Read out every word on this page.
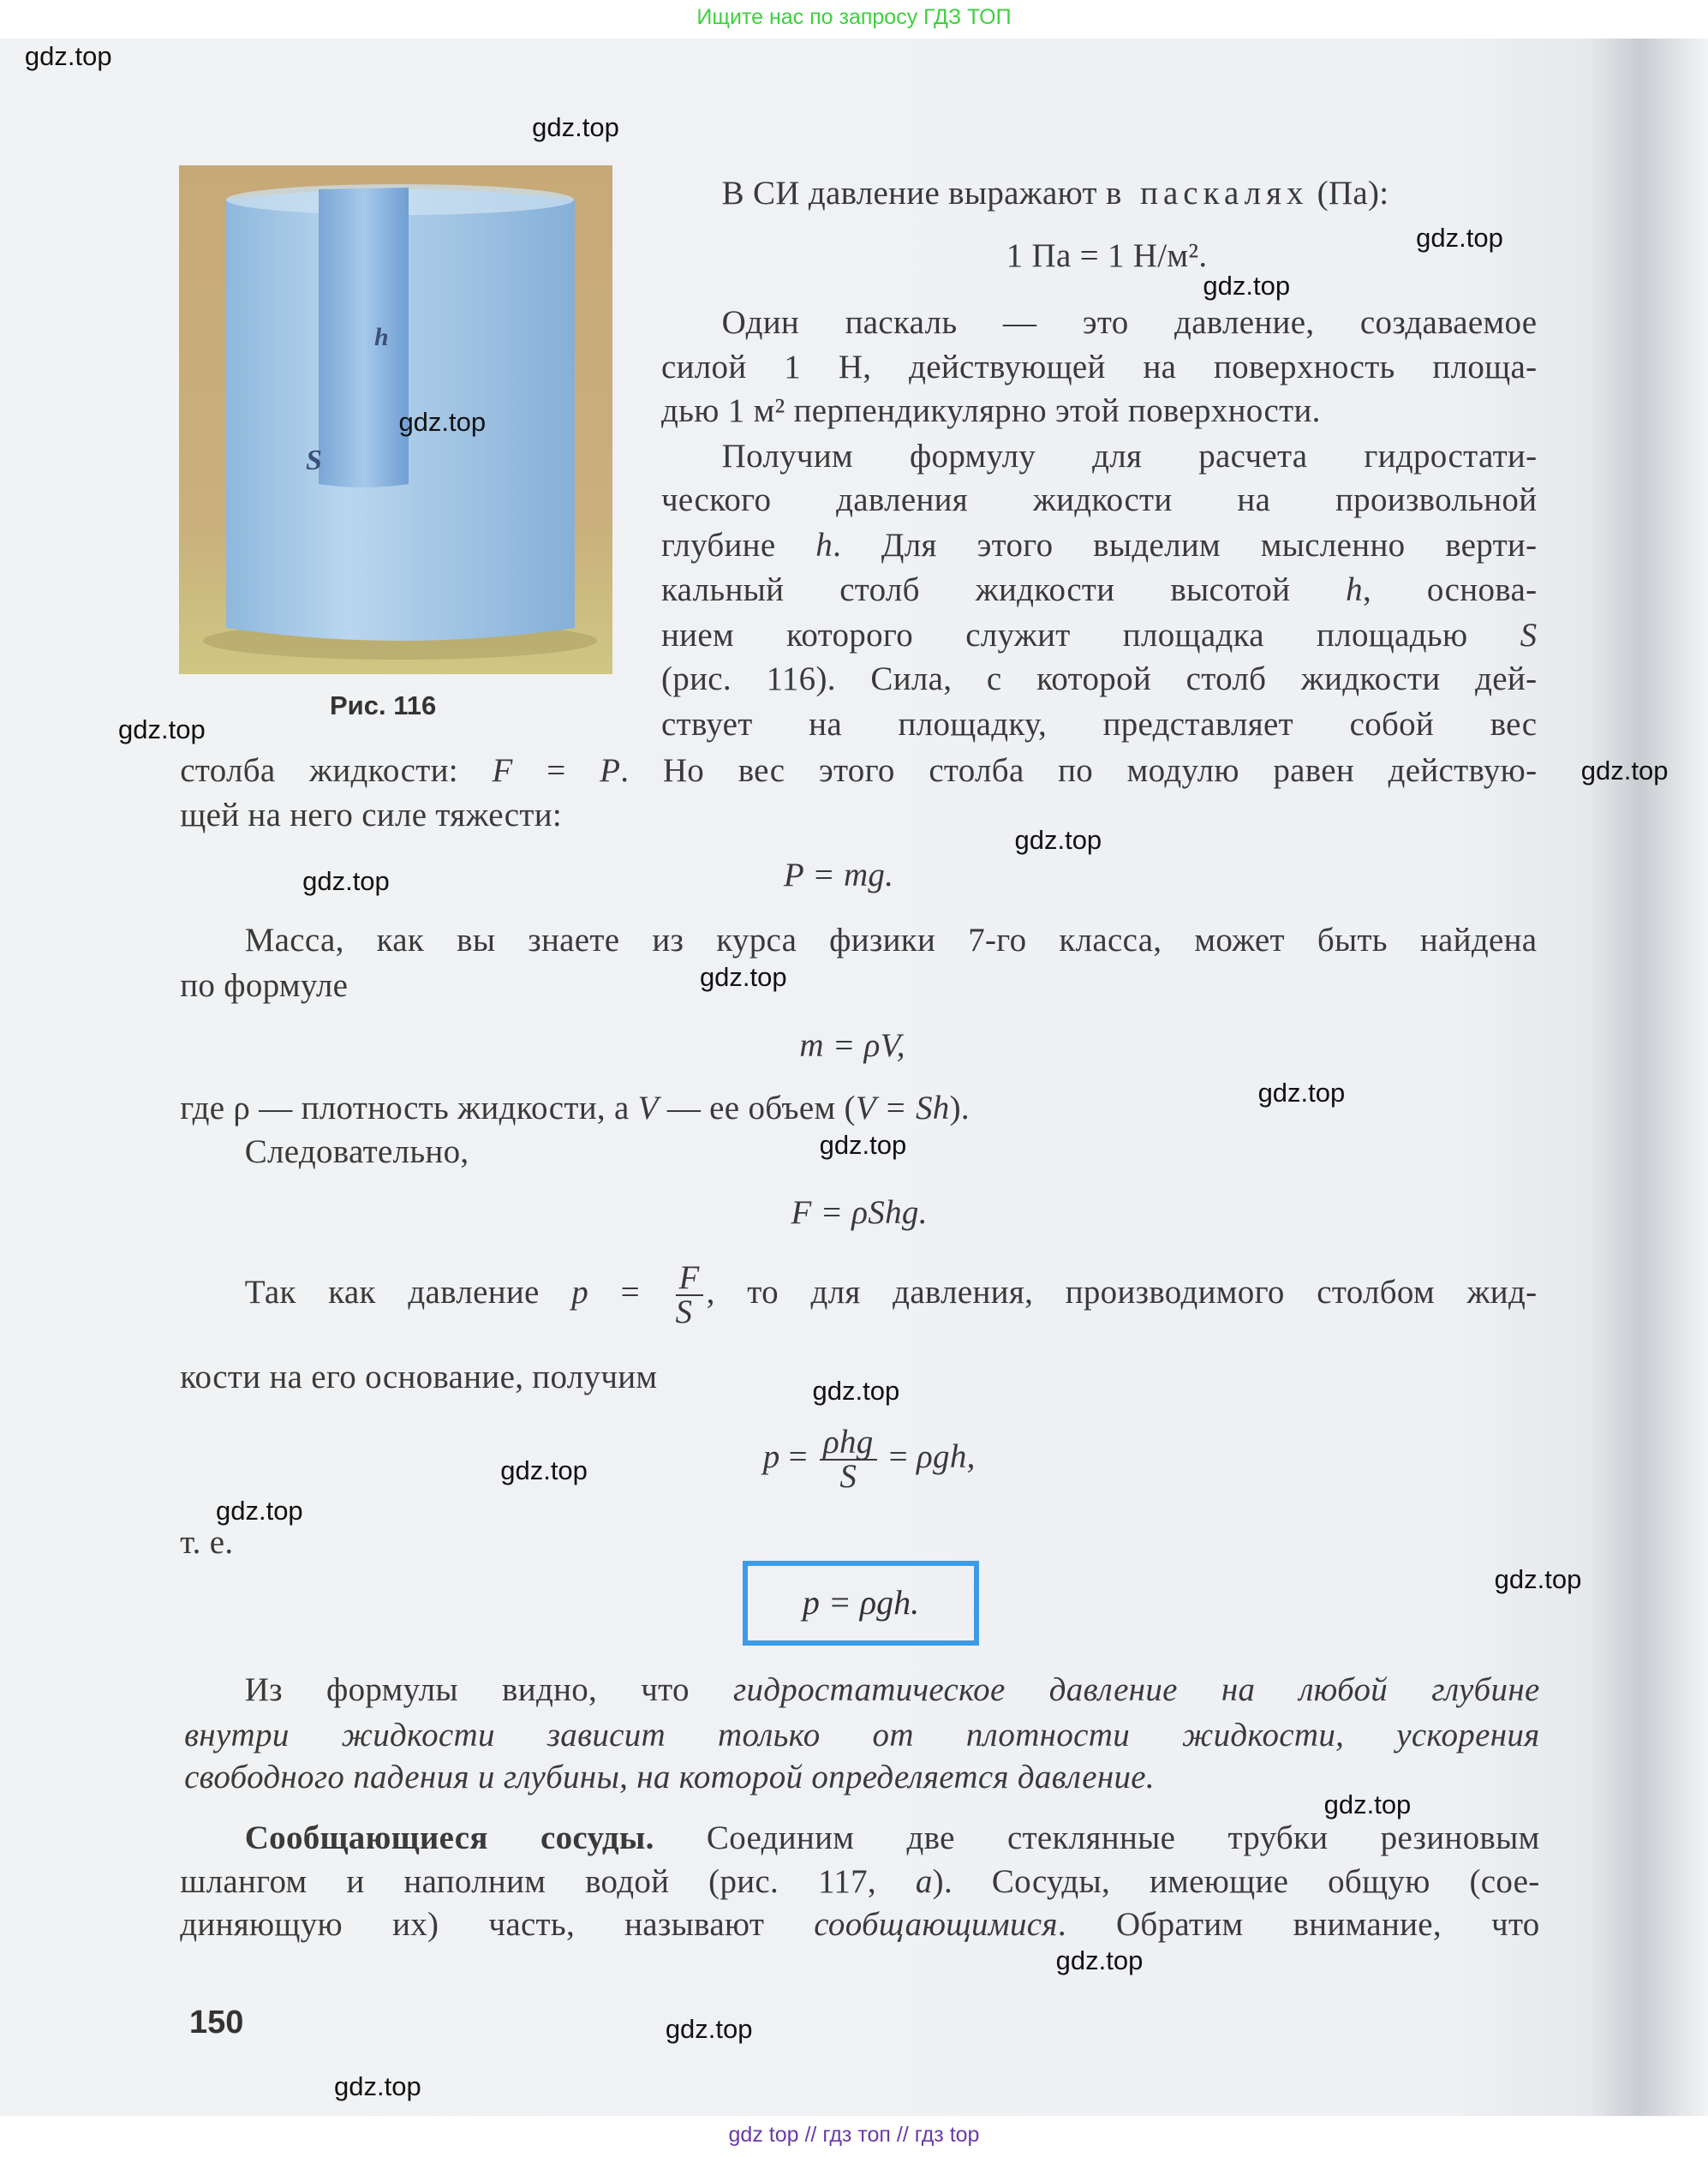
Ищите нас по запросу ГДЗ ТОП
h
S
Рис. 116
В СИ давление выражают в паскалях (Па):
1 Па = 1 Н/м².
Один паскаль — это давление, создаваемое
силой 1 Н, действующей на поверхность площа-
дью 1 м² перпендикулярно этой поверхности.
Получим формулу для расчета гидростати-
ческого давления жидкости на произвольной
глубине h. Для этого выделим мысленно верти-
кальный столб жидкости высотой h, основа-
нием которого служит площадка площадью S
(рис. 116). Сила, с которой столб жидкости дей-
ствует на площадку, представляет собой вес
столба жидкости: F = P. Но вес этого столба по модулю равен действую-
щей на него силе тяжести:
P = mg.
Масса, как вы знаете из курса физики 7-го класса, может быть найдена
по формуле
m = ρV,
где ρ — плотность жидкости, а V — ее объем (V = Sh).
Следовательно,
F = ρShg.
Так как давление $p = \frac{F}{S}$ , то для давления, производимого столбом жид-
кости на его основание, получим
$p = \frac{\text{ρhg}}{S} = \rho gh$,
т. е.
Из формулы видно, что гидростатическое давление на любой глубине
внутри жидкости зависит только от плотности жидкости, ускорения
свободного падения и глубины, на которой определяется давление.
Сообщающиеся сосуды. Соединим две стеклянные трубки резиновым
шлангом и наполним водой (рис. 117, а). Сосуды, имеющие общую (сое-
диняющую их) часть, называют сообщающимися. Обратим внимание, что
p = ρgh.
150
gdz.top
gdz.top
gdz.top
gdz.top
gdz.top
gdz.top
gdz.top
gdz.top
gdz.top
gdz.top
gdz.top
gdz.top
gdz.top
gdz.top
gdz.top
gdz.top
gdz.top
gdz.top
gdz.top
gdz.top
gdz top // гдз топ // гдз top
